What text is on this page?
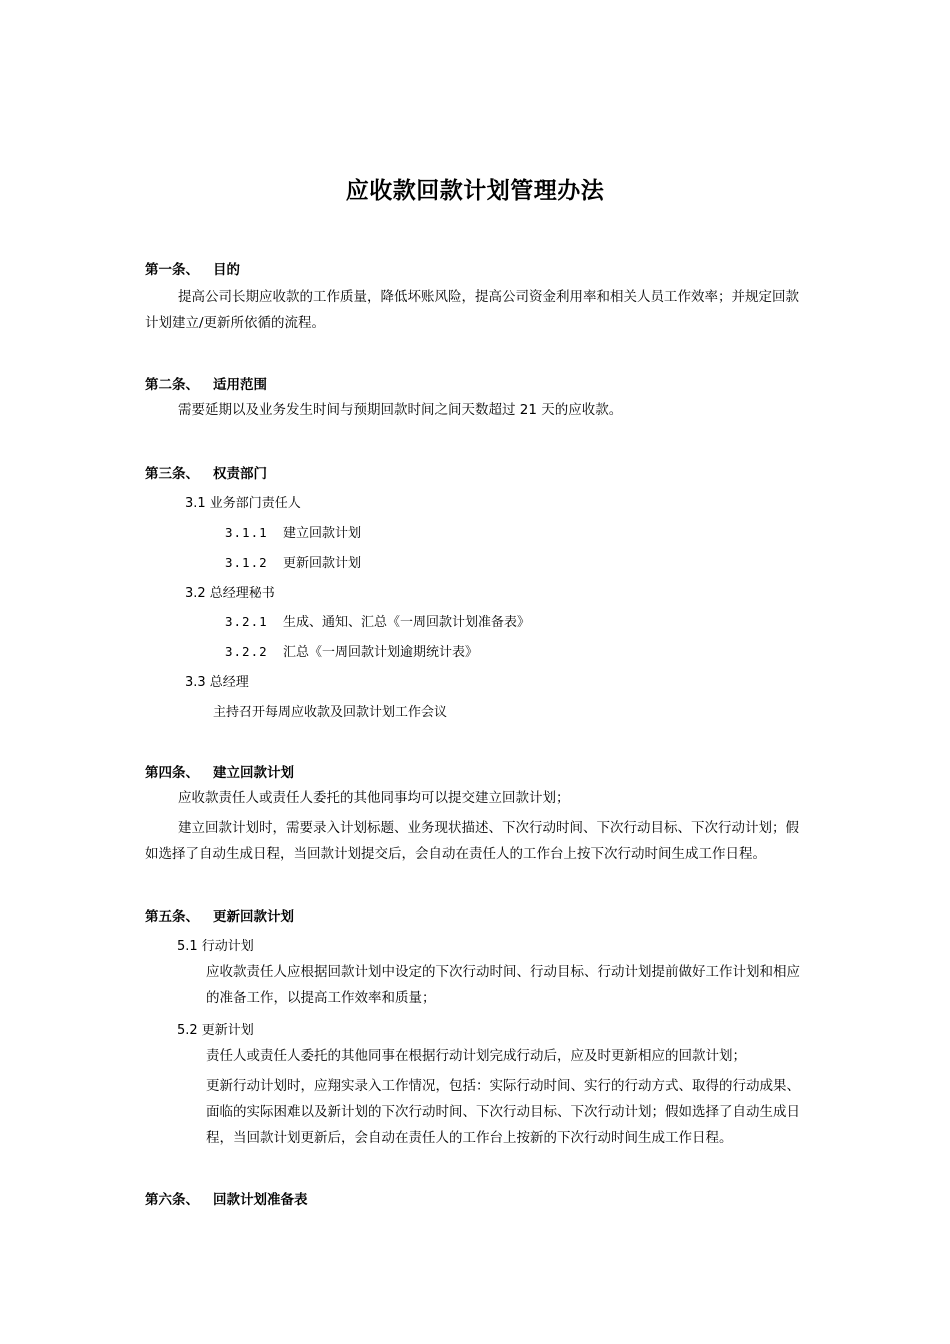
应收款回款计划管理办法
第一条、 目的
提高公司长期应收款的工作质量，降低坏账风险，提高公司资金利用率和相关人员工作效率；并规定回款计划建立/更新所依循的流程。
第二条、 适用范围
需要延期以及业务发生时间与预期回款时间之间天数超过 21 天的应收款。
第三条、 权责部门
3.1 业务部门责任人
3.1.1 建立回款计划
3.1.2 更新回款计划
3.2 总经理秘书
3.2.1 生成、通知、汇总《一周回款计划准备表》
3.2.2 汇总《一周回款计划逾期统计表》
3.3 总经理
主持召开每周应收款及回款计划工作会议
第四条、 建立回款计划
应收款责任人或责任人委托的其他同事均可以提交建立回款计划；
建立回款计划时，需要录入计划标题、业务现状描述、下次行动时间、下次行动目标、下次行动计划；假如选择了自动生成日程，当回款计划提交后，会自动在责任人的工作台上按下次行动时间生成工作日程。
第五条、 更新回款计划
5.1 行动计划
应收款责任人应根据回款计划中设定的下次行动时间、行动目标、行动计划提前做好工作计划和相应的准备工作，以提高工作效率和质量；
5.2 更新计划
责任人或责任人委托的其他同事在根据行动计划完成行动后，应及时更新相应的回款计划；
更新行动计划时，应翔实录入工作情况，包括：实际行动时间、实行的行动方式、取得的行动成果、面临的实际困难以及新计划的下次行动时间、下次行动目标、下次行动计划；假如选择了自动生成日程，当回款计划更新后，会自动在责任人的工作台上按新的下次行动时间生成工作日程。
第六条、 回款计划准备表
